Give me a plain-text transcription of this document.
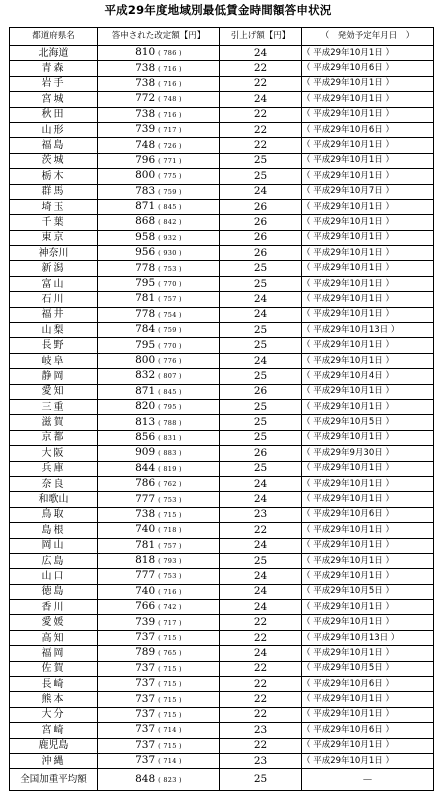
平成29年度地域別最低賃金時間額答申状況
都道府県名	答申された改定額【円】	引上げ額【円】	（　発効予定年月日　）
北海道	810 ( 786 )	24	（ 平成29年10月1日 ）
青森	738 ( 716 )	22	（ 平成29年10月6日 ）
岩手	738 ( 716 )	22	（ 平成29年10月1日 ）
宮城	772 ( 748 )	24	（ 平成29年10月1日 ）
秋田	738 ( 716 )	22	（ 平成29年10月1日 ）
山形	739 ( 717 )	22	（ 平成29年10月6日 ）
福島	748 ( 726 )	22	（ 平成29年10月1日 ）
茨城	796 ( 771 )	25	（ 平成29年10月1日 ）
栃木	800 ( 775 )	25	（ 平成29年10月1日 ）
群馬	783 ( 759 )	24	（ 平成29年10月7日 ）
埼玉	871 ( 845 )	26	（ 平成29年10月1日 ）
千葉	868 ( 842 )	26	（ 平成29年10月1日 ）
東京	958 ( 932 )	26	（ 平成29年10月1日 ）
神奈川	956 ( 930 )	26	（ 平成29年10月1日 ）
新潟	778 ( 753 )	25	（ 平成29年10月1日 ）
富山	795 ( 770 )	25	（ 平成29年10月1日 ）
石川	781 ( 757 )	24	（ 平成29年10月1日 ）
福井	778 ( 754 )	24	（ 平成29年10月1日 ）
山梨	784 ( 759 )	25	（ 平成29年10月13日 ）
長野	795 ( 770 )	25	（ 平成29年10月1日 ）
岐阜	800 ( 776 )	24	（ 平成29年10月1日 ）
静岡	832 ( 807 )	25	（ 平成29年10月4日 ）
愛知	871 ( 845 )	26	（ 平成29年10月1日 ）
三重	820 ( 795 )	25	（ 平成29年10月1日 ）
滋賀	813 ( 788 )	25	（ 平成29年10月5日 ）
京都	856 ( 831 )	25	（ 平成29年10月1日 ）
大阪	909 ( 883 )	26	（ 平成29年9月30日 ）
兵庫	844 ( 819 )	25	（ 平成29年10月1日 ）
奈良	786 ( 762 )	24	（ 平成29年10月1日 ）
和歌山	777 ( 753 )	24	（ 平成29年10月1日 ）
鳥取	738 ( 715 )	23	（ 平成29年10月6日 ）
島根	740 ( 718 )	22	（ 平成29年10月1日 ）
岡山	781 ( 757 )	24	（ 平成29年10月1日 ）
広島	818 ( 793 )	25	（ 平成29年10月1日 ）
山口	777 ( 753 )	24	（ 平成29年10月1日 ）
徳島	740 ( 716 )	24	（ 平成29年10月5日 ）
香川	766 ( 742 )	24	（ 平成29年10月1日 ）
愛媛	739 ( 717 )	22	（ 平成29年10月1日 ）
高知	737 ( 715 )	22	（ 平成29年10月13日 ）
福岡	789 ( 765 )	24	（ 平成29年10月1日 ）
佐賀	737 ( 715 )	22	（ 平成29年10月5日 ）
長崎	737 ( 715 )	22	（ 平成29年10月6日 ）
熊本	737 ( 715 )	22	（ 平成29年10月1日 ）
大分	737 ( 715 )	22	（ 平成29年10月1日 ）
宮崎	737 ( 714 )	23	（ 平成29年10月6日 ）
鹿児島	737 ( 715 )	22	（ 平成29年10月1日 ）
沖縄	737 ( 714 )	23	（ 平成29年10月1日 ）
全国加重平均額	848 ( 823 )	25	－
